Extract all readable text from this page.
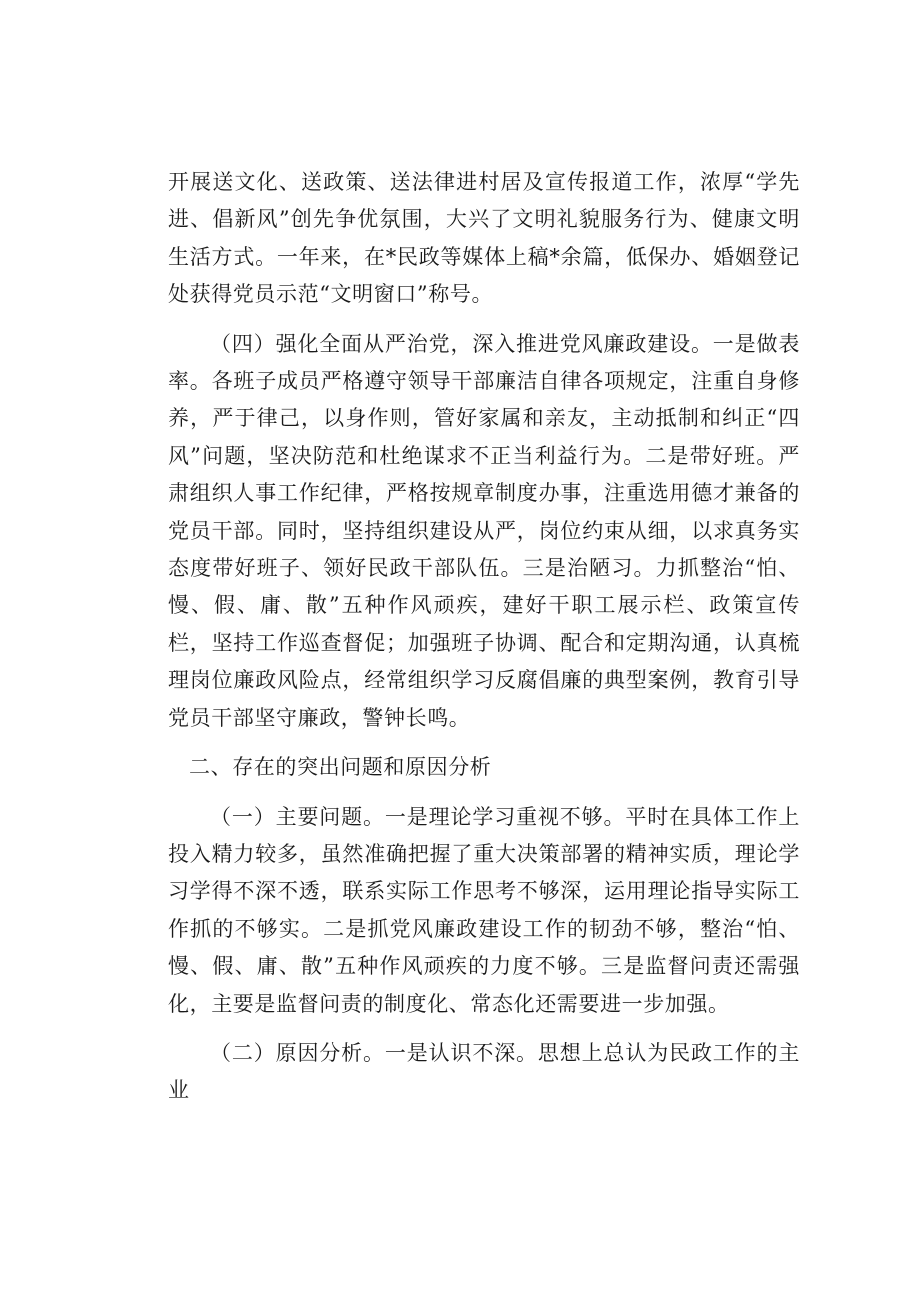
开展送文化、送政策、送法律进村居及宣传报道工作，浓厚“学先进、倡新风”创先争优氛围，大兴了文明礼貌服务行为、健康文明生活方式。一年来，在*民政等媒体上稿*余篇，低保办、婚姻登记处获得党员示范“文明窗口”称号。

（四）强化全面从严治党，深入推进党风廉政建设。一是做表率。各班子成员严格遵守领导干部廉洁自律各项规定，注重自身修养，严于律己，以身作则，管好家属和亲友，主动抵制和纠正“四风”问题，坚决防范和杜绝谋求不正当利益行为。二是带好班。严肃组织人事工作纪律，严格按规章制度办事，注重选用德才兼备的党员干部。同时，坚持组织建设从严，岗位约束从细，以求真务实态度带好班子、领好民政干部队伍。三是治陋习。力抓整治“怕、慢、假、庸、散”五种作风顽疾，建好干职工展示栏、政策宣传栏，坚持工作巡查督促；加强班子协调、配合和定期沟通，认真梳理岗位廉政风险点，经常组织学习反腐倡廉的典型案例，教育引导党员干部坚守廉政，警钟长鸣。

二、存在的突出问题和原因分析

（一）主要问题。一是理论学习重视不够。平时在具体工作上投入精力较多，虽然准确把握了重大决策部署的精神实质，理论学习学得不深不透，联系实际工作思考不够深，运用理论指导实际工作抓的不够实。二是抓党风廉政建设工作的韧劲不够，整治“怕、慢、假、庸、散”五种作风顽疾的力度不够。三是监督问责还需强化，主要是监督问责的制度化、常态化还需要进一步加强。

（二）原因分析。一是认识不深。思想上总认为民政工作的主业
